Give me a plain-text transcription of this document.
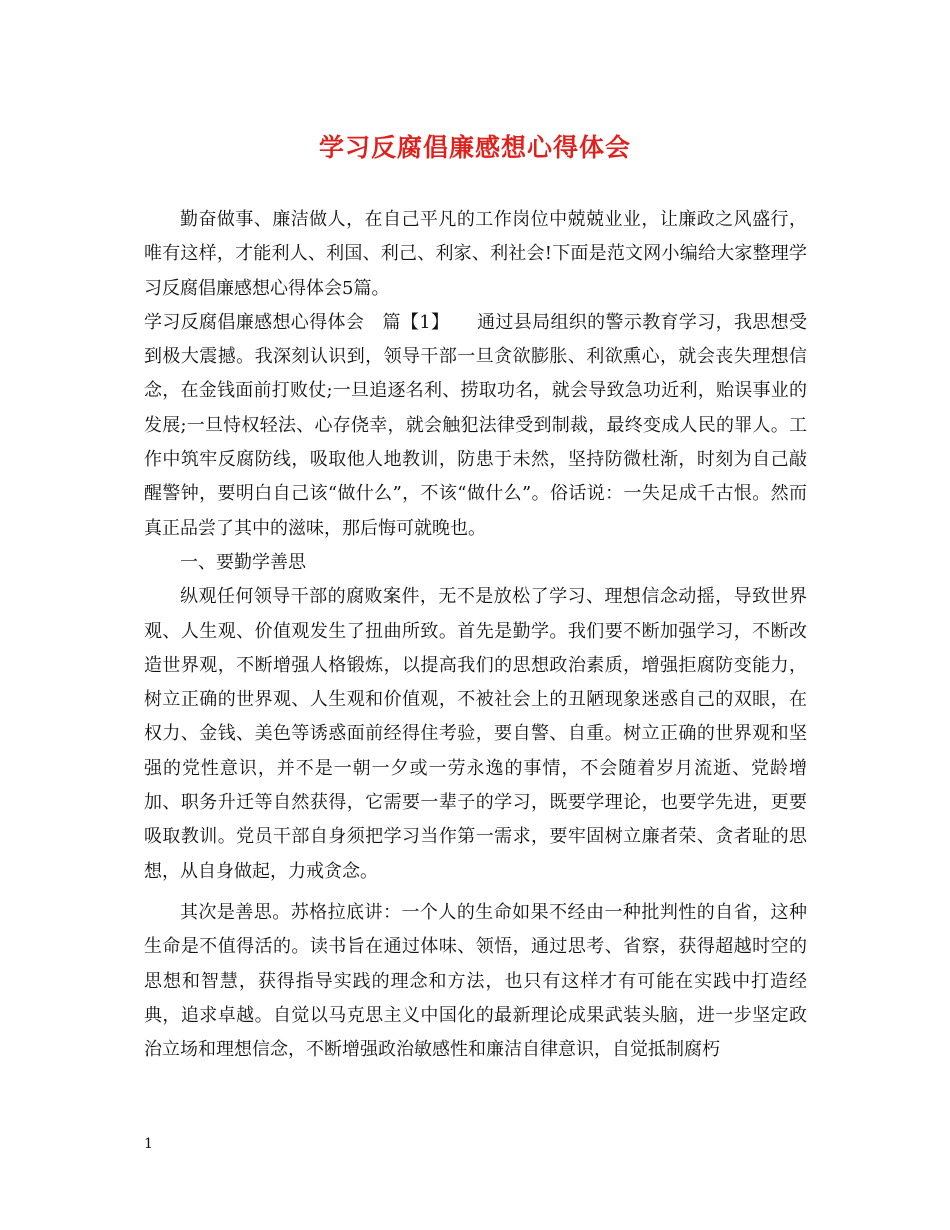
学习反腐倡廉感想心得体会

勤奋做事、廉洁做人，在自己平凡的工作岗位中兢兢业业，让廉政之风盛行，唯有这样，才能利人、利国、利己、利家、利社会!下面是范文网小编给大家整理学习反腐倡廉感想心得体会5篇。

学习反腐倡廉感想心得体会　篇【1】　　通过县局组织的警示教育学习，我思想受到极大震撼。我深刻认识到，领导干部一旦贪欲膨胀、利欲熏心，就会丧失理想信念，在金钱面前打败仗;一旦追逐名利、捞取功名，就会导致急功近利，贻误事业的发展;一旦恃权轻法、心存侥幸，就会触犯法律受到制裁，最终变成人民的罪人。工作中筑牢反腐防线，吸取他人地教训，防患于未然，坚持防微杜渐，时刻为自己敲醒警钟，要明白自己该“做什么”，不该“做什么”。俗话说：一失足成千古恨。然而真正品尝了其中的滋味，那后悔可就晚也。

一、要勤学善思

纵观任何领导干部的腐败案件，无不是放松了学习、理想信念动摇，导致世界观、人生观、价值观发生了扭曲所致。首先是勤学。我们要不断加强学习，不断改造世界观，不断增强人格锻炼，以提高我们的思想政治素质，增强拒腐防变能力，树立正确的世界观、人生观和价值观，不被社会上的丑陋现象迷惑自己的双眼，在权力、金钱、美色等诱惑面前经得住考验，要自警、自重。树立正确的世界观和坚强的党性意识，并不是一朝一夕或一劳永逸的事情，不会随着岁月流逝、党龄增加、职务升迁等自然获得，它需要一辈子的学习，既要学理论，也要学先进，更要吸取教训。党员干部自身须把学习当作第一需求，要牢固树立廉者荣、贪者耻的思想，从自身做起，力戒贪念。

其次是善思。苏格拉底讲：一个人的生命如果不经由一种批判性的自省，这种生命是不值得活的。读书旨在通过体味、领悟，通过思考、省察，获得超越时空的思想和智慧，获得指导实践的理念和方法，也只有这样才有可能在实践中打造经典，追求卓越。自觉以马克思主义中国化的最新理论成果武装头脑，进一步坚定政治立场和理想信念，不断增强政治敏感性和廉洁自律意识，自觉抵制腐朽

1
